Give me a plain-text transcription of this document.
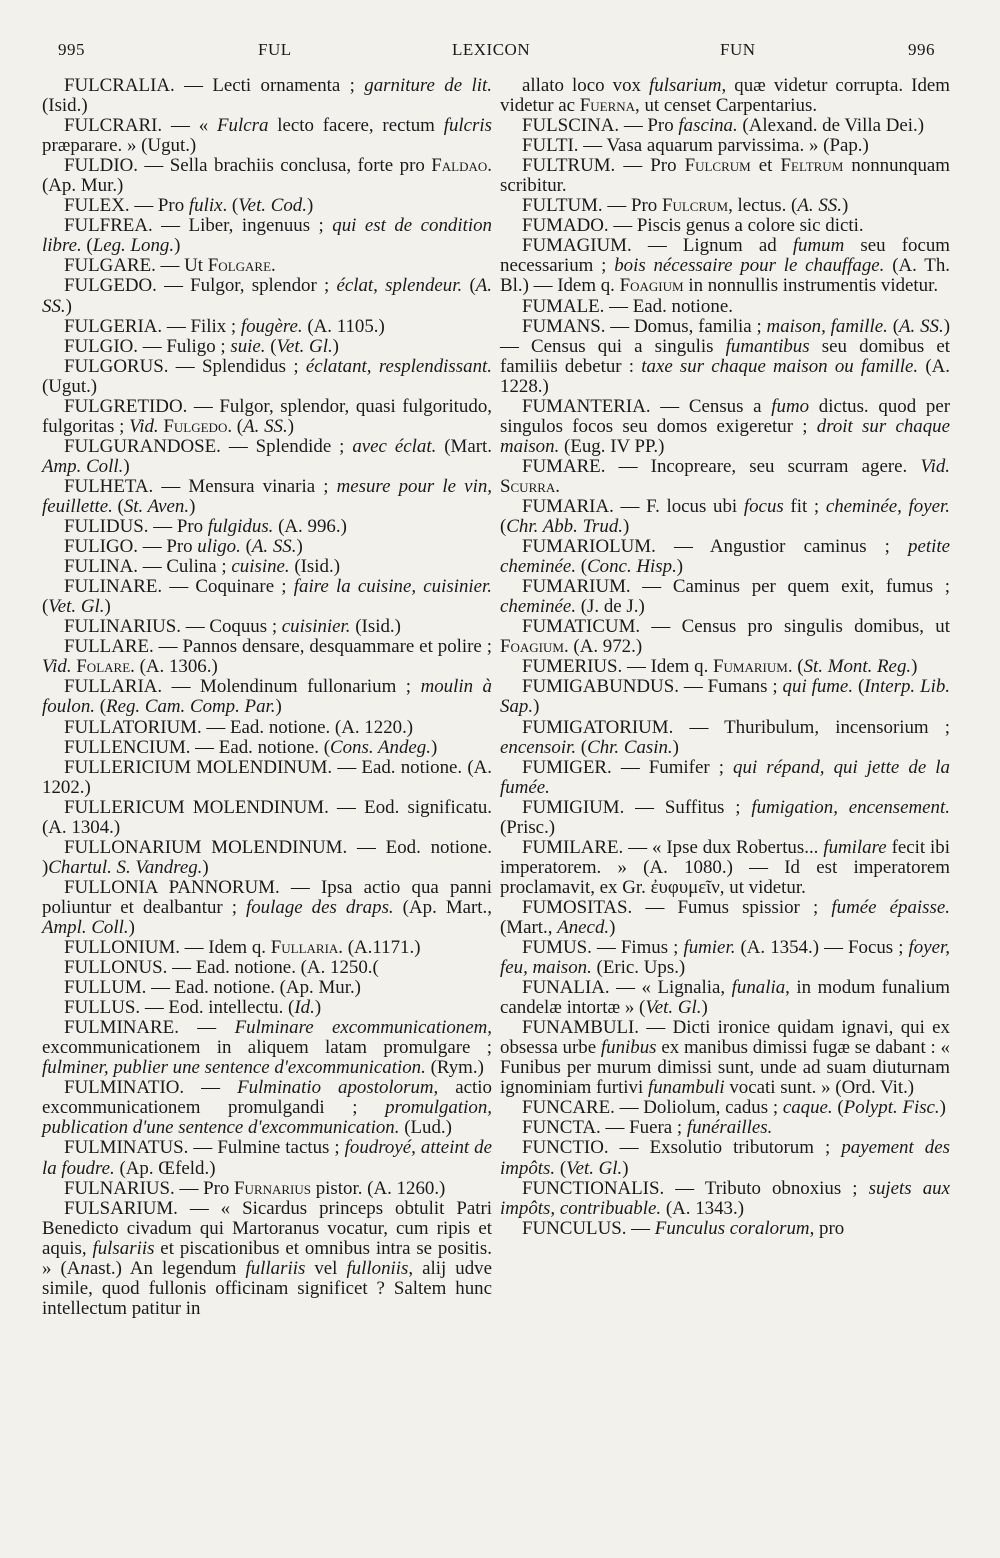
995	FUL	LEXICON	FUN	996

FULCRALIA. — Lecti ornamenta ; garniture de lit. (Isid.)

FULCRARI. — « Fulcra lecto facere, rectum fulcris præparare. » (Ugut.)

FULDIO. — Sella brachiis conclusa, forte pro Faldao. (Ap. Mur.)

FULEX. — Pro fulix. (Vet. Cod.)

FULFREA. — Liber, ingenuus ; qui est de condition libre. (Leg. Long.)

FULGARE. — Ut Folgare.

FULGEDO. — Fulgor, splendor ; éclat, splendeur. (A. SS.)

FULGERIA. — Filix ; fougère. (A. 1105.)

FULGIO. — Fuligo ; suie. (Vet. Gl.)

FULGORUS. — Splendidus ; éclatant, resplendissant. (Ugut.)

FULGRETIDO. — Fulgor, splendor, quasi fulgoritudo, fulgoritas ; Vid. Fulgedo. (A. SS.)

FULGURANDOSE. — Splendide ; avec éclat. (Mart. Amp. Coll.)

FULHETA. — Mensura vinaria ; mesure pour le vin, feuillette. (St. Aven.)

FULIDUS. — Pro fulgidus. (A. 996.)

FULIGO. — Pro uligo. (A. SS.)

FULINA. — Culina ; cuisine. (Isid.)

FULINARE. — Coquinare ; faire la cuisine, cuisinier. (Vet. Gl.)

FULINARIUS. — Coquus ; cuisinier. (Isid.)

FULLARE. — Pannos densare, desquammare et polire ; Vid. Folare. (A. 1306.)

FULLARIA. — Molendinum fullonarium ; moulin à foulon. (Reg. Cam. Comp. Par.)

FULLATORIUM. — Ead. notione. (A. 1220.)

FULLENCIUM. — Ead. notione. (Cons. Andeg.)

FULLERICIUM MOLENDINUM. — Ead. notione. (A. 1202.)

FULLERICUM MOLENDINUM. — Eod. significatu. (A. 1304.)

FULLONARIUM MOLENDINUM. — Eod. notione. )Chartul. S. Vandreg.)

FULLONIA PANNORUM. — Ipsa actio qua panni poliuntur et dealbantur ; foulage des draps. (Ap. Mart., Ampl. Coll.)

FULLONIUM. — Idem q. Fullaria. (A.1171.)

FULLONUS. — Ead. notione. (A. 1250.(

FULLUM. — Ead. notione. (Ap. Mur.)

FULLUS. — Eod. intellectu. (Id.)

FULMINARE. — Fulminare excommunicationem, excommunicationem in aliquem latam promulgare ; fulminer, publier une sentence d'excommunication. (Rym.)

FULMINATIO. — Fulminatio apostolorum, actio excommunicationem promulgandi ; promulgation, publication d'une sentence d'excommunication. (Lud.)

FULMINATUS. — Fulmine tactus ; foudroyé, atteint de la foudre. (Ap. Œfeld.)

FULNARIUS. — Pro Furnarius pistor. (A. 1260.)

FULSARIUM. — « Sicardus princeps obtulit Patri Benedicto civadum qui Martoranus vocatur, cum ripis et aquis, fulsariis et piscationibus et omnibus intra se positis. » (Anast.) An legendum fullariis vel fulloniis, alij udve simile, quod fullonis officinam significet ? Saltem hunc intellectum patitur in

allato loco vox fulsarium, quæ videtur corrupta. Idem videtur ac Fuerna, ut censet Carpentarius.

FULSCINA. — Pro fascina. (Alexand. de Villa Dei.)

FULTI. — Vasa aquarum parvissima. » (Pap.)

FULTRUM. — Pro Fulcrum et Feltrum nonnunquam scribitur.

FULTUM. — Pro Fulcrum, lectus. (A. SS.)

FUMADO. — Piscis genus a colore sic dicti.

FUMAGIUM. — Lignum ad fumum seu focum necessarium ; bois nécessaire pour le chauffage. (A. Th. Bl.) — Idem q. Foagium in nonnullis instrumentis videtur.

FUMALE. — Ead. notione.

FUMANS. — Domus, familia ; maison, famille. (A. SS.) — Census qui a singulis fumantibus seu domibus et familiis debetur : taxe sur chaque maison ou famille. (A. 1228.)

FUMANTERIA. — Census a fumo dictus. quod per singulos focos seu domos exigeretur ; droit sur chaque maison. (Eug. IV PP.)

FUMARE. — Incopreare, seu scurram agere. Vid. Scurra.

FUMARIA. — F. locus ubi focus fit ; cheminée, foyer. (Chr. Abb. Trud.)

FUMARIOLUM. — Angustior caminus ; petite cheminée. (Conc. Hisp.)

FUMARIUM. — Caminus per quem exit, fumus ; cheminée. (J. de J.)

FUMATICUM. — Census pro singulis domibus, ut Foagium. (A. 972.)

FUMERIUS. — Idem q. Fumarium. (St. Mont. Reg.)

FUMIGABUNDUS. — Fumans ; qui fume. (Interp. Lib. Sap.)

FUMIGATORIUM. — Thuribulum, incensorium ; encensoir. (Chr. Casin.)

FUMIGER. — Fumifer ; qui répand, qui jette de la fumée.

FUMIGIUM. — Suffitus ; fumigation, encensement. (Prisc.)

FUMILARE. — « Ipse dux Robertus... fumilare fecit ibi imperatorem. » (A. 1080.) — Id est imperatorem proclamavit, ex Gr. ἐυφυμεῖν, ut videtur.

FUMOSITAS. — Fumus spissior ; fumée épaisse. (Mart., Anecd.)

FUMUS. — Fimus ; fumier. (A. 1354.) — Focus ; foyer, feu, maison. (Eric. Ups.)

FUNALIA. — « Lignalia, funalia, in modum funalium candelæ intortæ » (Vet. Gl.)

FUNAMBULI. — Dicti ironice quidam ignavi, qui ex obsessa urbe funibus ex manibus dimissi fugæ se dabant : « Funibus per murum dimissi sunt, unde ad suam diuturnam ignominiam furtivi funambuli vocati sunt. » (Ord. Vit.)

FUNCARE. — Doliolum, cadus ; caque. (Polypt. Fisc.)

FUNCTA. — Fuera ; funérailles.

FUNCTIO. — Exsolutio tributorum ; payement des impôts. (Vet. Gl.)

FUNCTIONALIS. — Tributo obnoxius ; sujets aux impôts, contribuable. (A. 1343.)

FUNCULUS. — Funculus coralorum, pro
